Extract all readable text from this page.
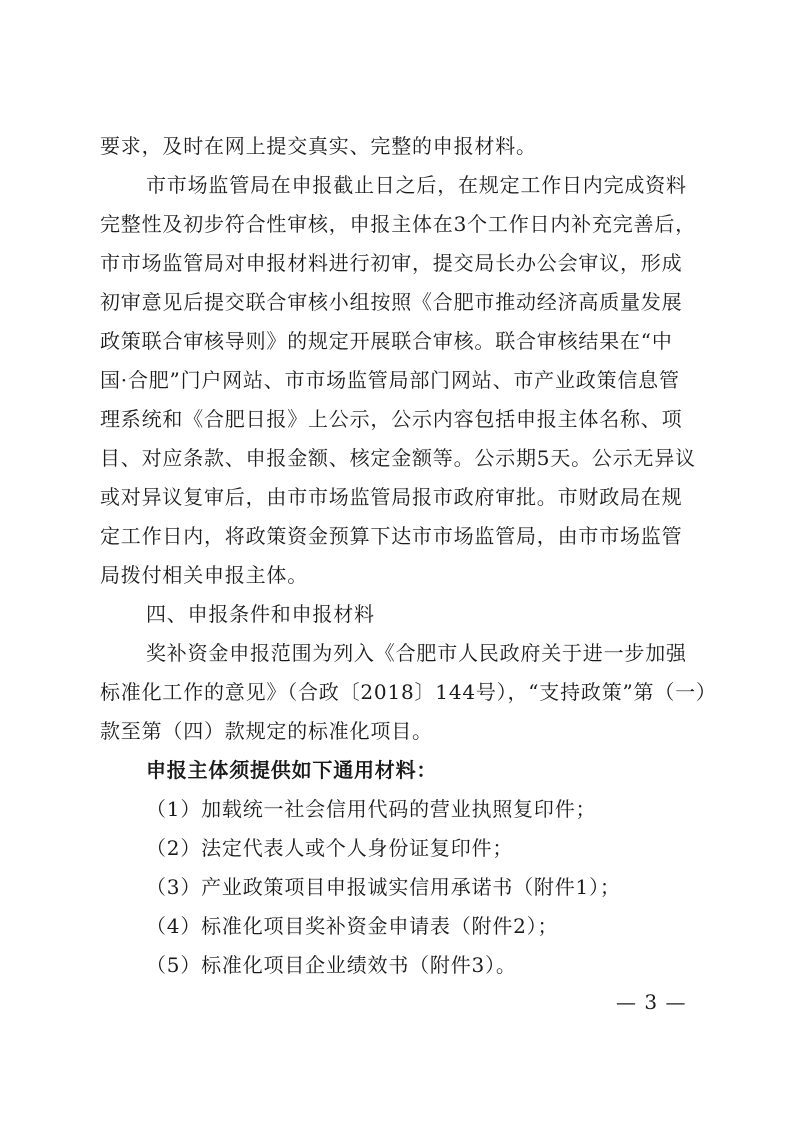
要求，及时在网上提交真实、完整的申报材料。
市市场监管局在申报截止日之后，在规定工作日内完成资料
完整性及初步符合性审核，申报主体在3个工作日内补充完善后，
市市场监管局对申报材料进行初审，提交局长办公会审议，形成
初审意见后提交联合审核小组按照《合肥市推动经济高质量发展
政策联合审核导则》的规定开展联合审核。联合审核结果在“中
国·合肥”门户网站、市市场监管局部门网站、市产业政策信息管
理系统和《合肥日报》上公示，公示内容包括申报主体名称、项
目、对应条款、申报金额、核定金额等。公示期5天。公示无异议
或对异议复审后，由市市场监管局报市政府审批。市财政局在规
定工作日内，将政策资金预算下达市市场监管局，由市市场监管
局拨付相关申报主体。
四、申报条件和申报材料
奖补资金申报范围为列入《合肥市人民政府关于进一步加强
标准化工作的意见》（合政〔2018〕144号），“支持政策”第（一）
款至第（四）款规定的标准化项目。
申报主体须提供如下通用材料：
（1）加载统一社会信用代码的营业执照复印件；
（2）法定代表人或个人身份证复印件；
（3）产业政策项目申报诚实信用承诺书（附件1）；
（4）标准化项目奖补资金申请表（附件2）；
（5）标准化项目企业绩效书（附件3）。
— 3 —
